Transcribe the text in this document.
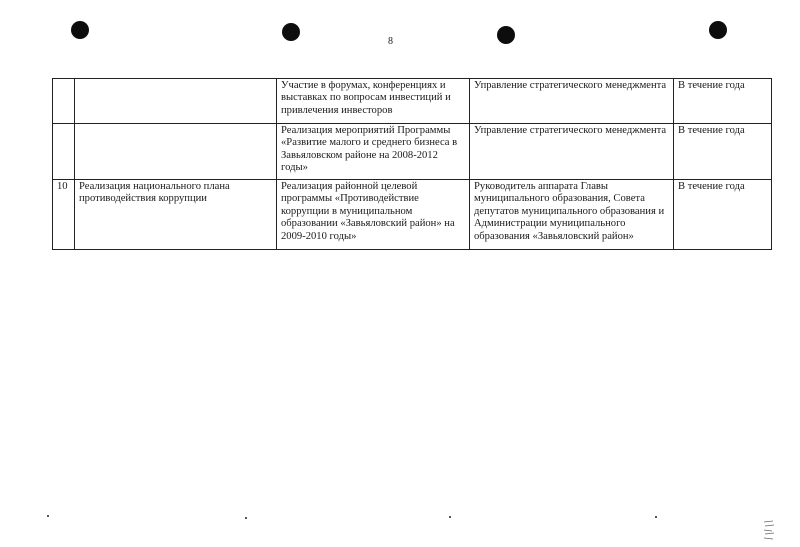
8
		Участие в форумах, конференциях и выставках по вопросам инвестиций и привлечения инвесторов	Управление стратегического менеджмента	В течение года
		Реализация мероприятий Программы «Развитие малого и среднего бизнеса в Завьяловском районе на 2008-2012 годы»	Управление стратегического менеджмента	В течение года
10	Реализация национального плана противодействия коррупции	Реализация районной целевой программы «Противодействие коррупции в муниципальном образовании «Завьяловский район» на 2009-2010 годы»	Руководитель аппарата Главы муниципального образования, Совета депутатов муниципального образования и Администрации муниципального образования «Завьяловский район»	В течение года
